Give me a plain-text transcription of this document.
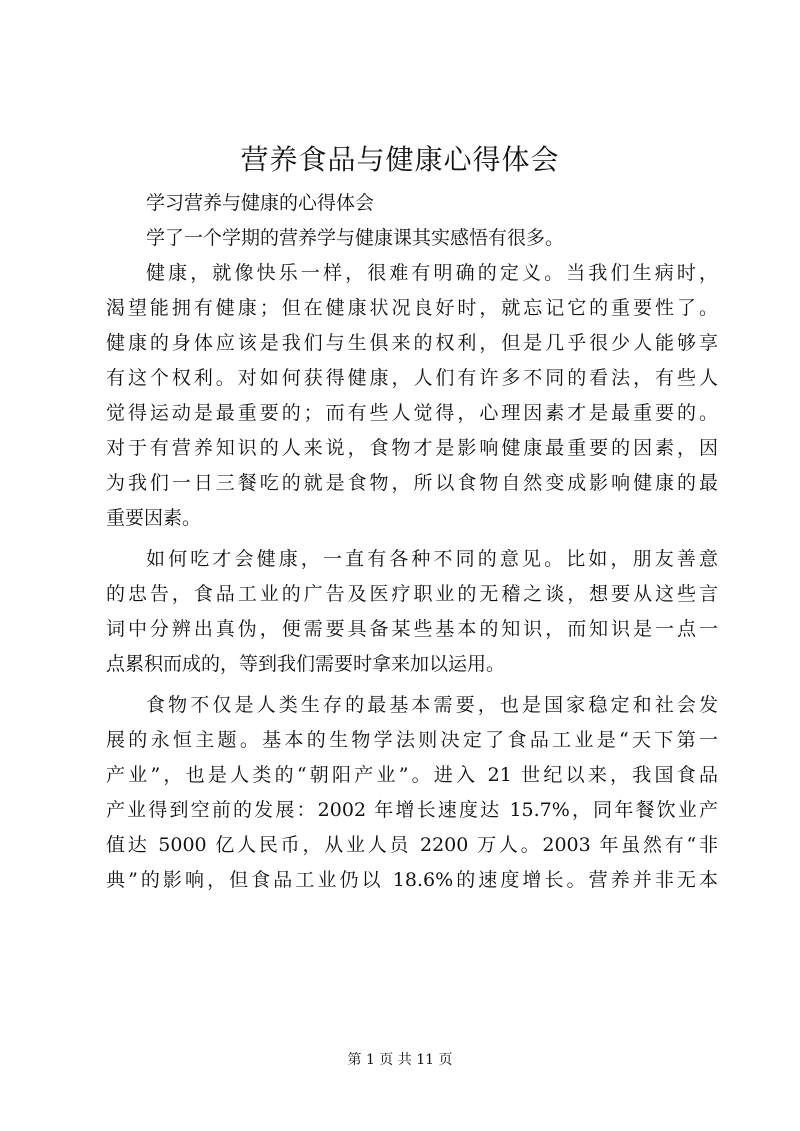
营养食品与健康心得体会
学习营养与健康的心得体会
学了一个学期的营养学与健康课其实感悟有很多。
健康，就像快乐一样，很难有明确的定义。当我们生病时，
渴望能拥有健康；但在健康状况良好时，就忘记它的重要性了。
健康的身体应该是我们与生俱来的权利，但是几乎很少人能够享
有这个权利。对如何获得健康，人们有许多不同的看法，有些人
觉得运动是最重要的；而有些人觉得，心理因素才是最重要的。
对于有营养知识的人来说，食物才是影响健康最重要的因素，因
为我们一日三餐吃的就是食物，所以食物自然变成影响健康的最
重要因素。
如何吃才会健康，一直有各种不同的意见。比如，朋友善意
的忠告，食品工业的广告及医疗职业的无稽之谈，想要从这些言
词中分辨出真伪，便需要具备某些基本的知识，而知识是一点一
点累积而成的，等到我们需要时拿来加以运用。
食物不仅是人类生存的最基本需要，也是国家稳定和社会发
展的永恒主题。基本的生物学法则决定了食品工业是“天下第一
产业”，也是人类的“朝阳产业”。进入 21 世纪以来，我国食品
产业得到空前的发展：2002 年增长速度达 15.7%，同年餐饮业产
值达 5000 亿人民币，从业人员 2200 万人。2003 年虽然有“非
典”的影响，但食品工业仍以 18.6%的速度增长。营养并非无本
第 1 页 共 11 页
